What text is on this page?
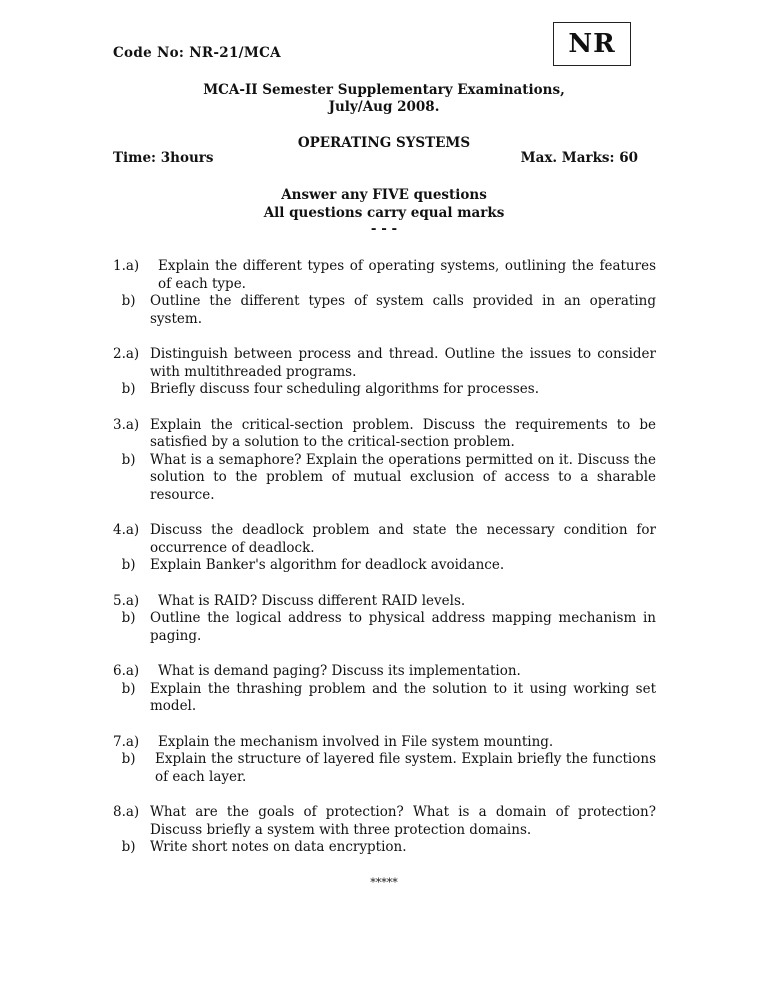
Code No: NR-21/MCA	NR
MCA-II Semester Supplementary Examinations,
July/Aug 2008.
OPERATING SYSTEMS
Time: 3hours	Max. Marks: 60
Answer any FIVE questions
All questions carry equal marks
- - -
1.a)	Explain the different types of operating systems, outlining the features of each type.
b)	Outline the different types of system calls provided in an operating system.
2.a) Distinguish between process and thread. Outline the issues to consider with multithreaded programs.
b)	Briefly discuss four scheduling algorithms for processes.
3.a) Explain the critical-section problem. Discuss the requirements to be satisfied by a solution to the critical-section problem.
b)	What is a semaphore? Explain the operations permitted on it. Discuss the solution to the problem of mutual exclusion of access to a sharable resource.
4.a) Discuss the deadlock problem and state the necessary condition for occurrence of deadlock.
b)	Explain Banker's algorithm for deadlock avoidance.
5.a)	What is RAID? Discuss different RAID levels.
b)	Outline the logical address to physical address mapping mechanism in paging.
6.a)	What is demand paging? Discuss its implementation.
b)	Explain the thrashing problem and the solution to it using working set model.
7.a)	Explain the mechanism involved in File system mounting.
b)	Explain the structure of layered file system. Explain briefly the functions of each layer.
8.a) What are the goals of protection? What is a domain of protection? Discuss briefly a system with three protection domains.
b)	Write short notes on data encryption.
*****
